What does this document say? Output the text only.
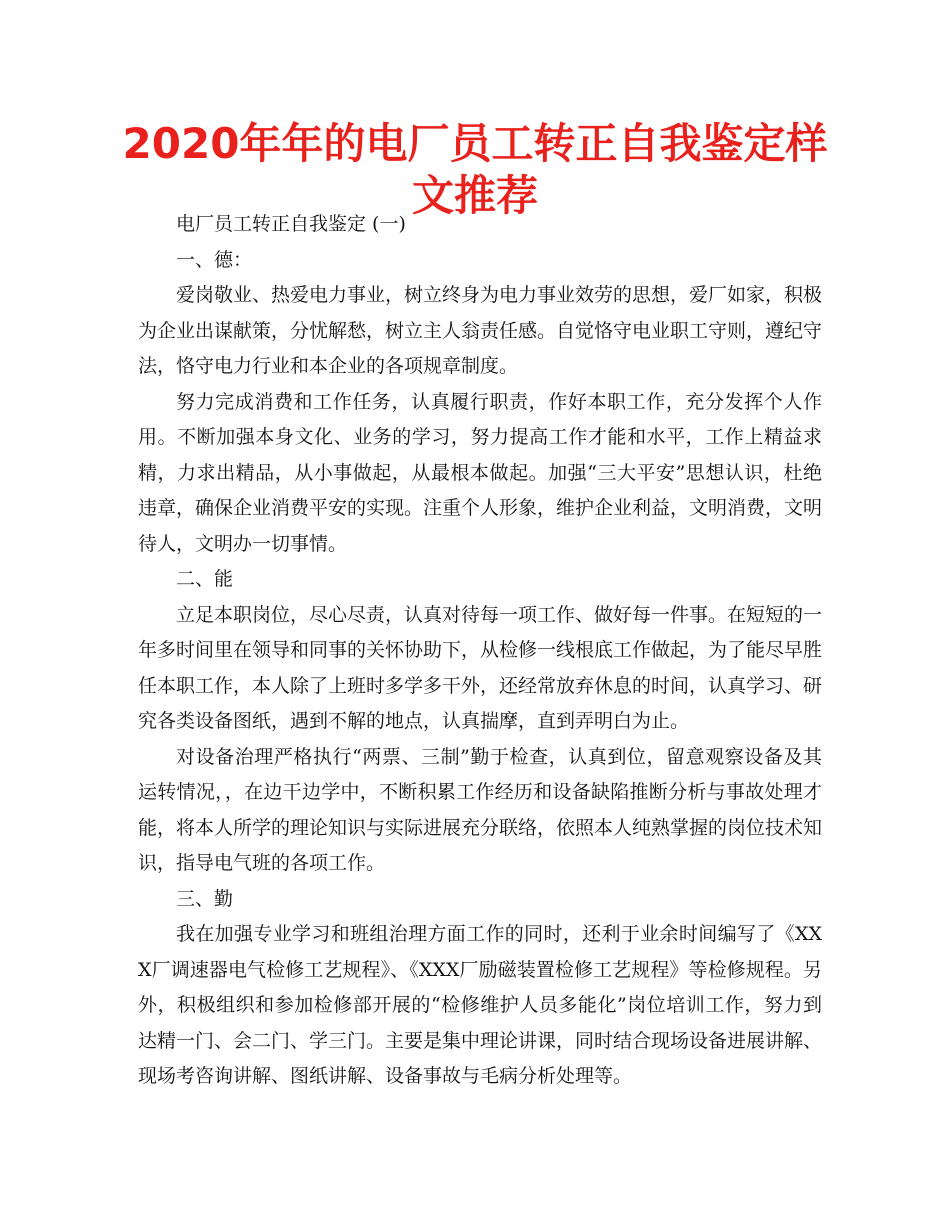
2020年年的电厂员工转正自我鉴定样文推荐

电厂员工转正自我鉴定 (一)

一、德：

爱岗敬业、热爱电力事业，树立终身为电力事业效劳的思想，爱厂如家，积极为企业出谋献策，分忧解愁，树立主人翁责任感。自觉恪守电业职工守则，遵纪守法，恪守电力行业和本企业的各项规章制度。

努力完成消费和工作任务，认真履行职责，作好本职工作，充分发挥个人作用。不断加强本身文化、业务的学习，努力提高工作才能和水平，工作上精益求精，力求出精品，从小事做起，从最根本做起。加强“三大平安”思想认识，杜绝违章，确保企业消费平安的实现。注重个人形象，维护企业利益，文明消费，文明待人，文明办一切事情。

二、能

立足本职岗位，尽心尽责，认真对待每一项工作、做好每一件事。在短短的一年多时间里在领导和同事的关怀协助下，从检修一线根底工作做起，为了能尽早胜任本职工作，本人除了上班时多学多干外，还经常放弃休息的时间，认真学习、研究各类设备图纸，遇到不解的地点，认真揣摩，直到弄明白为止。

对设备治理严格执行“两票、三制”勤于检查，认真到位，留意观察设备及其运转情况，，在边干边学中，不断积累工作经历和设备缺陷推断分析与事故处理才能，将本人所学的理论知识与实际进展充分联络，依照本人纯熟掌握的岗位技术知识，指导电气班的各项工作。

三、勤

我在加强专业学习和班组治理方面工作的同时，还利于业余时间编写了《XXX厂调速器电气检修工艺规程》、《XXX厂励磁装置检修工艺规程》等检修规程。另外，积极组织和参加检修部开展的“检修维护人员多能化”岗位培训工作，努力到达精一门、会二门、学三门。主要是集中理论讲课，同时结合现场设备进展讲解、现场考咨询讲解、图纸讲解、设备事故与毛病分析处理等。
